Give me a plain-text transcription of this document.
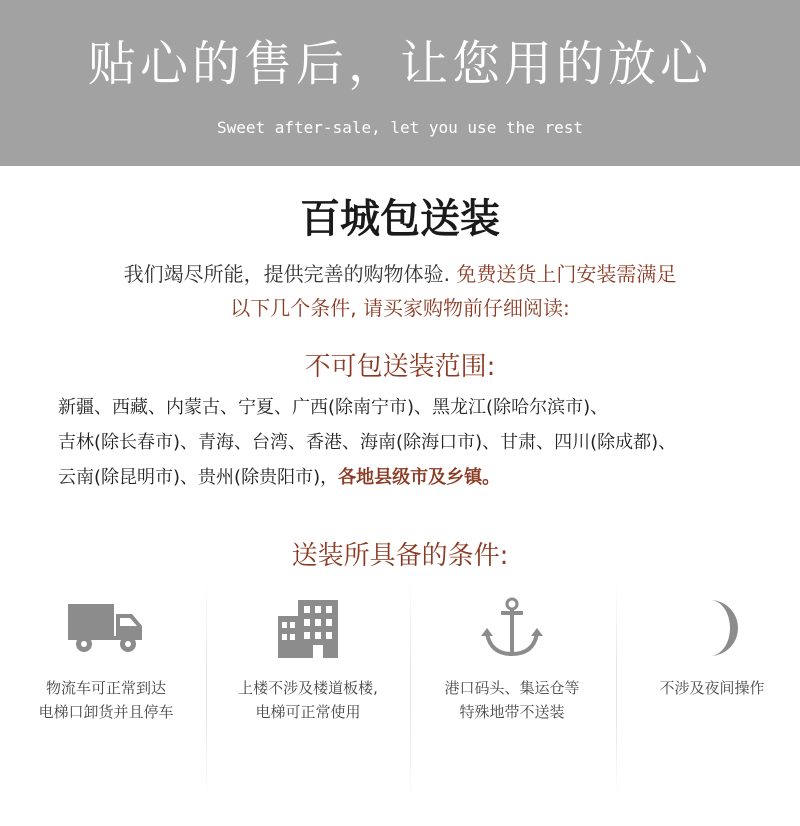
贴心的售后，让您用的放心
Sweet after-sale, let you use the rest
百城包送装
我们竭尽所能，提供完善的购物体验. 免费送货上门安装需满足
以下几个条件, 请买家购物前仔细阅读:
不可包送装范围:
新疆、西藏、内蒙古、宁夏、广西(除南宁市)、黑龙江(除哈尔滨市)、
吉林(除长春市)、青海、台湾、香港、海南(除海口市)、甘肃、四川(除成都)、
云南(除昆明市)、贵州(除贵阳市)，各地县级市及乡镇。
送装所具备的条件:
物流车可正常到达
电梯口卸货并且停车
上楼不涉及楼道板楼,
电梯可正常使用
港口码头、集运仓等
特殊地带不送装
不涉及夜间操作
